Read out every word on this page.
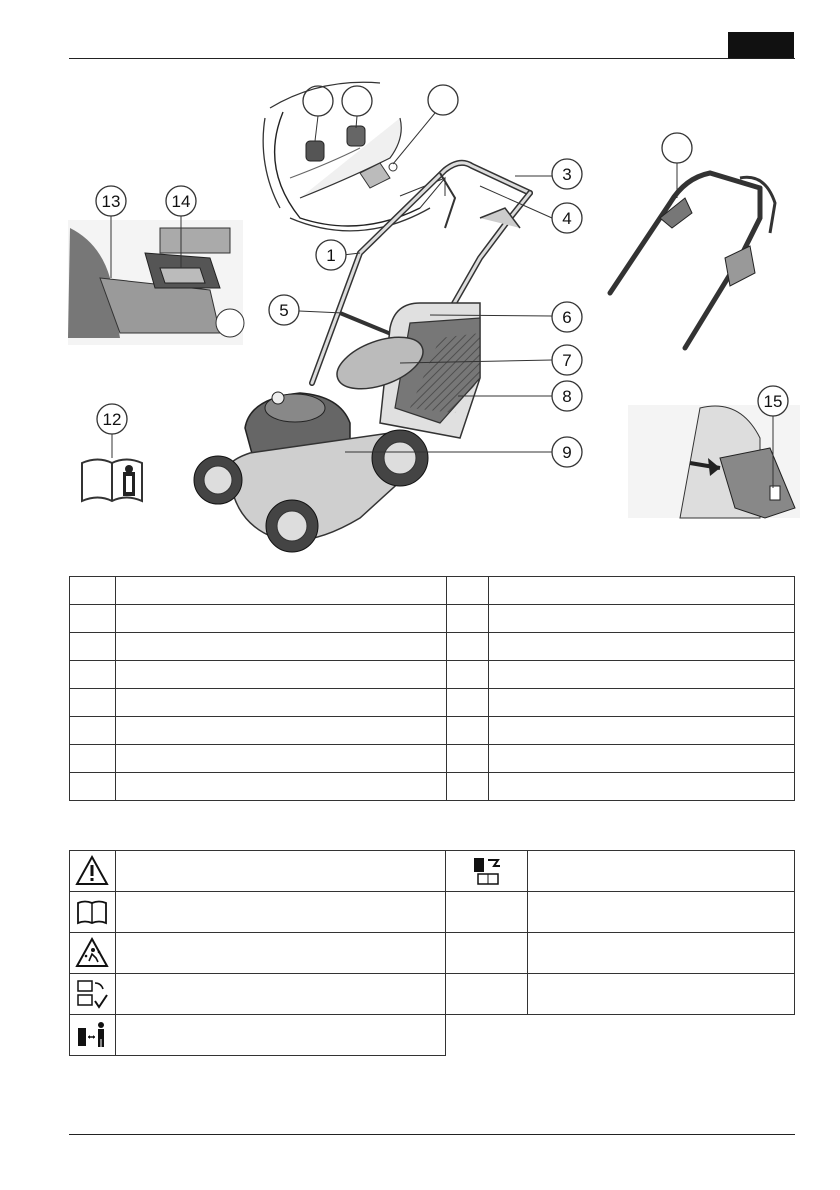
1
3
4
5	6
7
8
9
13	14
12
15
